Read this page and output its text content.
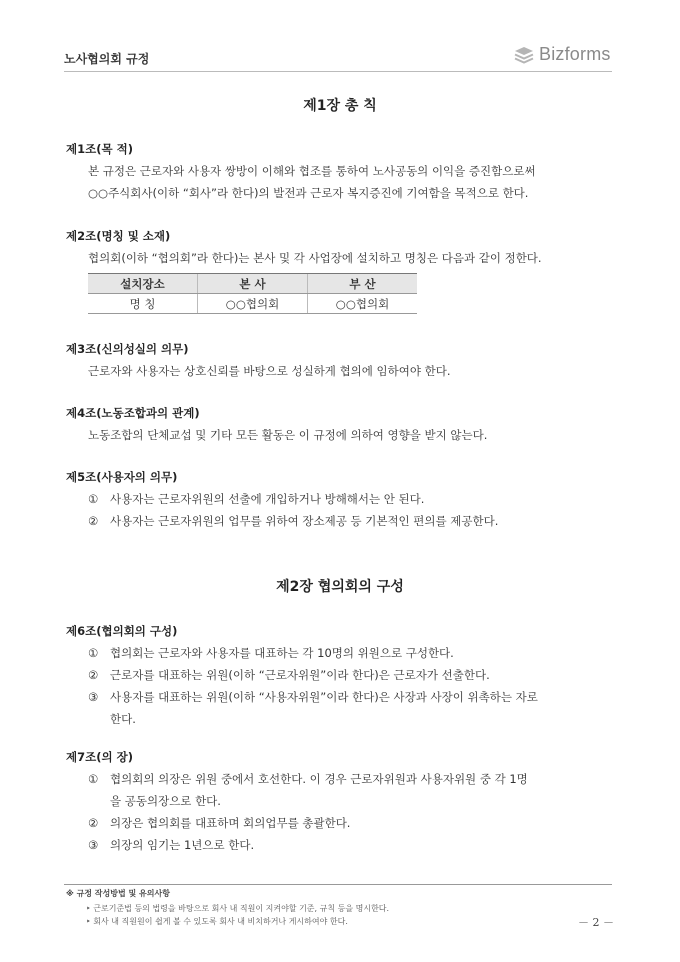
노사협의회 규정	Bizforms
제1장 총 칙
제1조(목 적)
본 규정은 근로자와 사용자 쌍방이 이해와 협조를 통하여 노사공동의 이익을 증진함으로써
○○주식회사(이하 “회사”라 한다)의 발전과 근로자 복지증진에 기여함을 목적으로 한다.
제2조(명칭 및 소재)
협의회(이하 “협의회”라 한다)는 본사 및 각 사업장에 설치하고 명칭은 다음과 같이 정한다.
설치장소	본 사	부 산
명 칭	○○협의회	○○협의회
제3조(신의성실의 의무)
근로자와 사용자는 상호신뢰를 바탕으로 성실하게 협의에 임하여야 한다.
제4조(노동조합과의 관계)
노동조합의 단체교섭 및 기타 모든 활동은 이 규정에 의하여 영향을 받지 않는다.
제5조(사용자의 의무)
① 사용자는 근로자위원의 선출에 개입하거나 방해해서는 안 된다.
② 사용자는 근로자위원의 업무를 위하여 장소제공 등 기본적인 편의를 제공한다.
제2장 협의회의 구성
제6조(협의회의 구성)
① 협의회는 근로자와 사용자를 대표하는 각 10명의 위원으로 구성한다.
② 근로자를 대표하는 위원(이하 “근로자위원”이라 한다)은 근로자가 선출한다.
③ 사용자를 대표하는 위원(이하 “사용자위원”이라 한다)은 사장과 사장이 위촉하는 자로
한다.
제7조(의 장)
① 협의회의 의장은 위원 중에서 호선한다. 이 경우 근로자위원과 사용자위원 중 각 1명
을 공동의장으로 한다.
② 의장은 협의회를 대표하며 회의업무를 총괄한다.
③ 의장의 임기는 1년으로 한다.
※ 규정 작성방법 및 유의사항
‣ 근로기준법 등의 법령을 바탕으로 회사 내 직원이 지켜야할 기준, 규칙 등을 명시한다.
‣ 회사 내 직원원이 쉽게 볼 수 있도록 회사 내 비치하거나 게시하여야 한다.	－ 2 －
